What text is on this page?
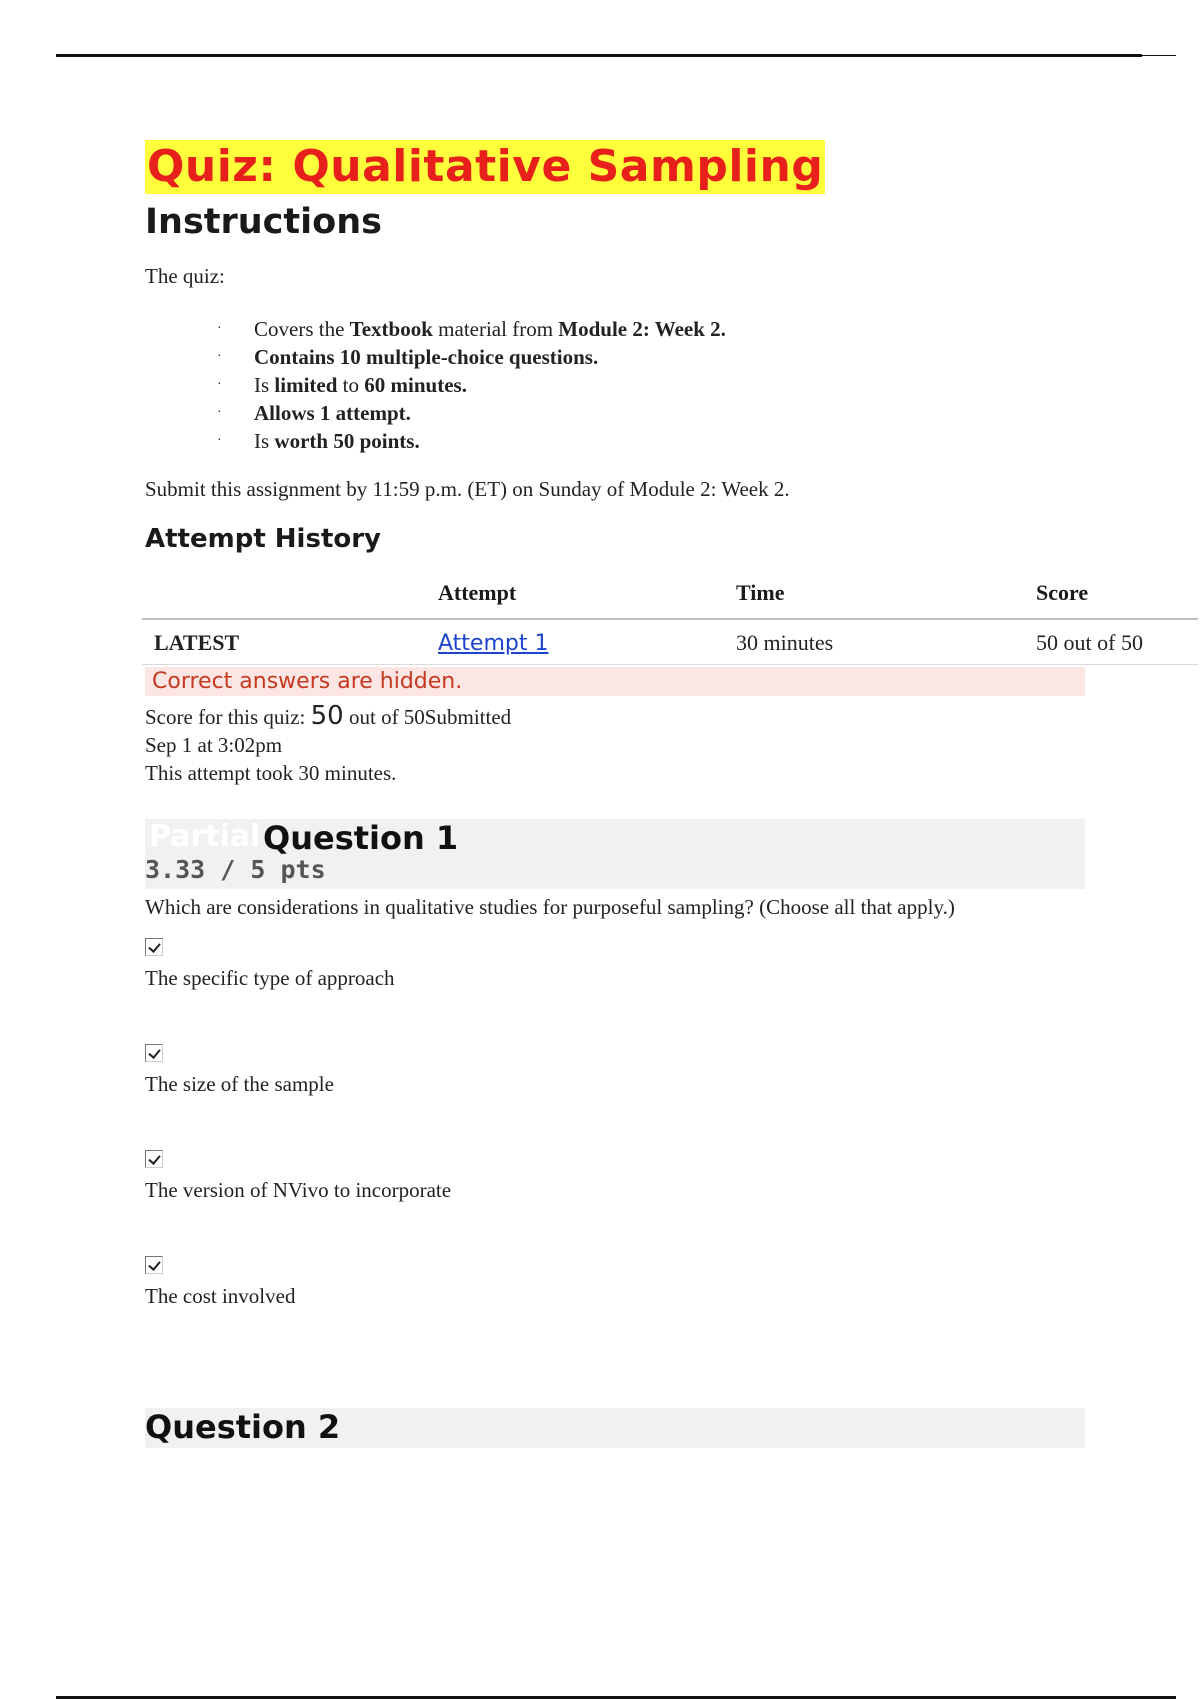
Quiz: Qualitative Sampling
Instructions
The quiz:
· Covers the Textbook material from Module 2: Week 2.
· Contains 10 multiple-choice questions.
· Is limited to 60 minutes.
· Allows 1 attempt.
· Is worth 50 points.
Submit this assignment by 11:59 p.m. (ET) on Sunday of Module 2: Week 2.
Attempt History
	Attempt	Time	Score
LATEST	Attempt 1	30 minutes	50 out of 50
Correct answers are hidden.
Score for this quiz: 50 out of 50Submitted
Sep 1 at 3:02pm
This attempt took 30 minutes.
Partial Question 1
3.33 / 5 pts
Which are considerations in qualitative studies for purposeful sampling? (Choose all that apply.)
The specific type of approach
The size of the sample
The version of NVivo to incorporate
The cost involved
Question 2
